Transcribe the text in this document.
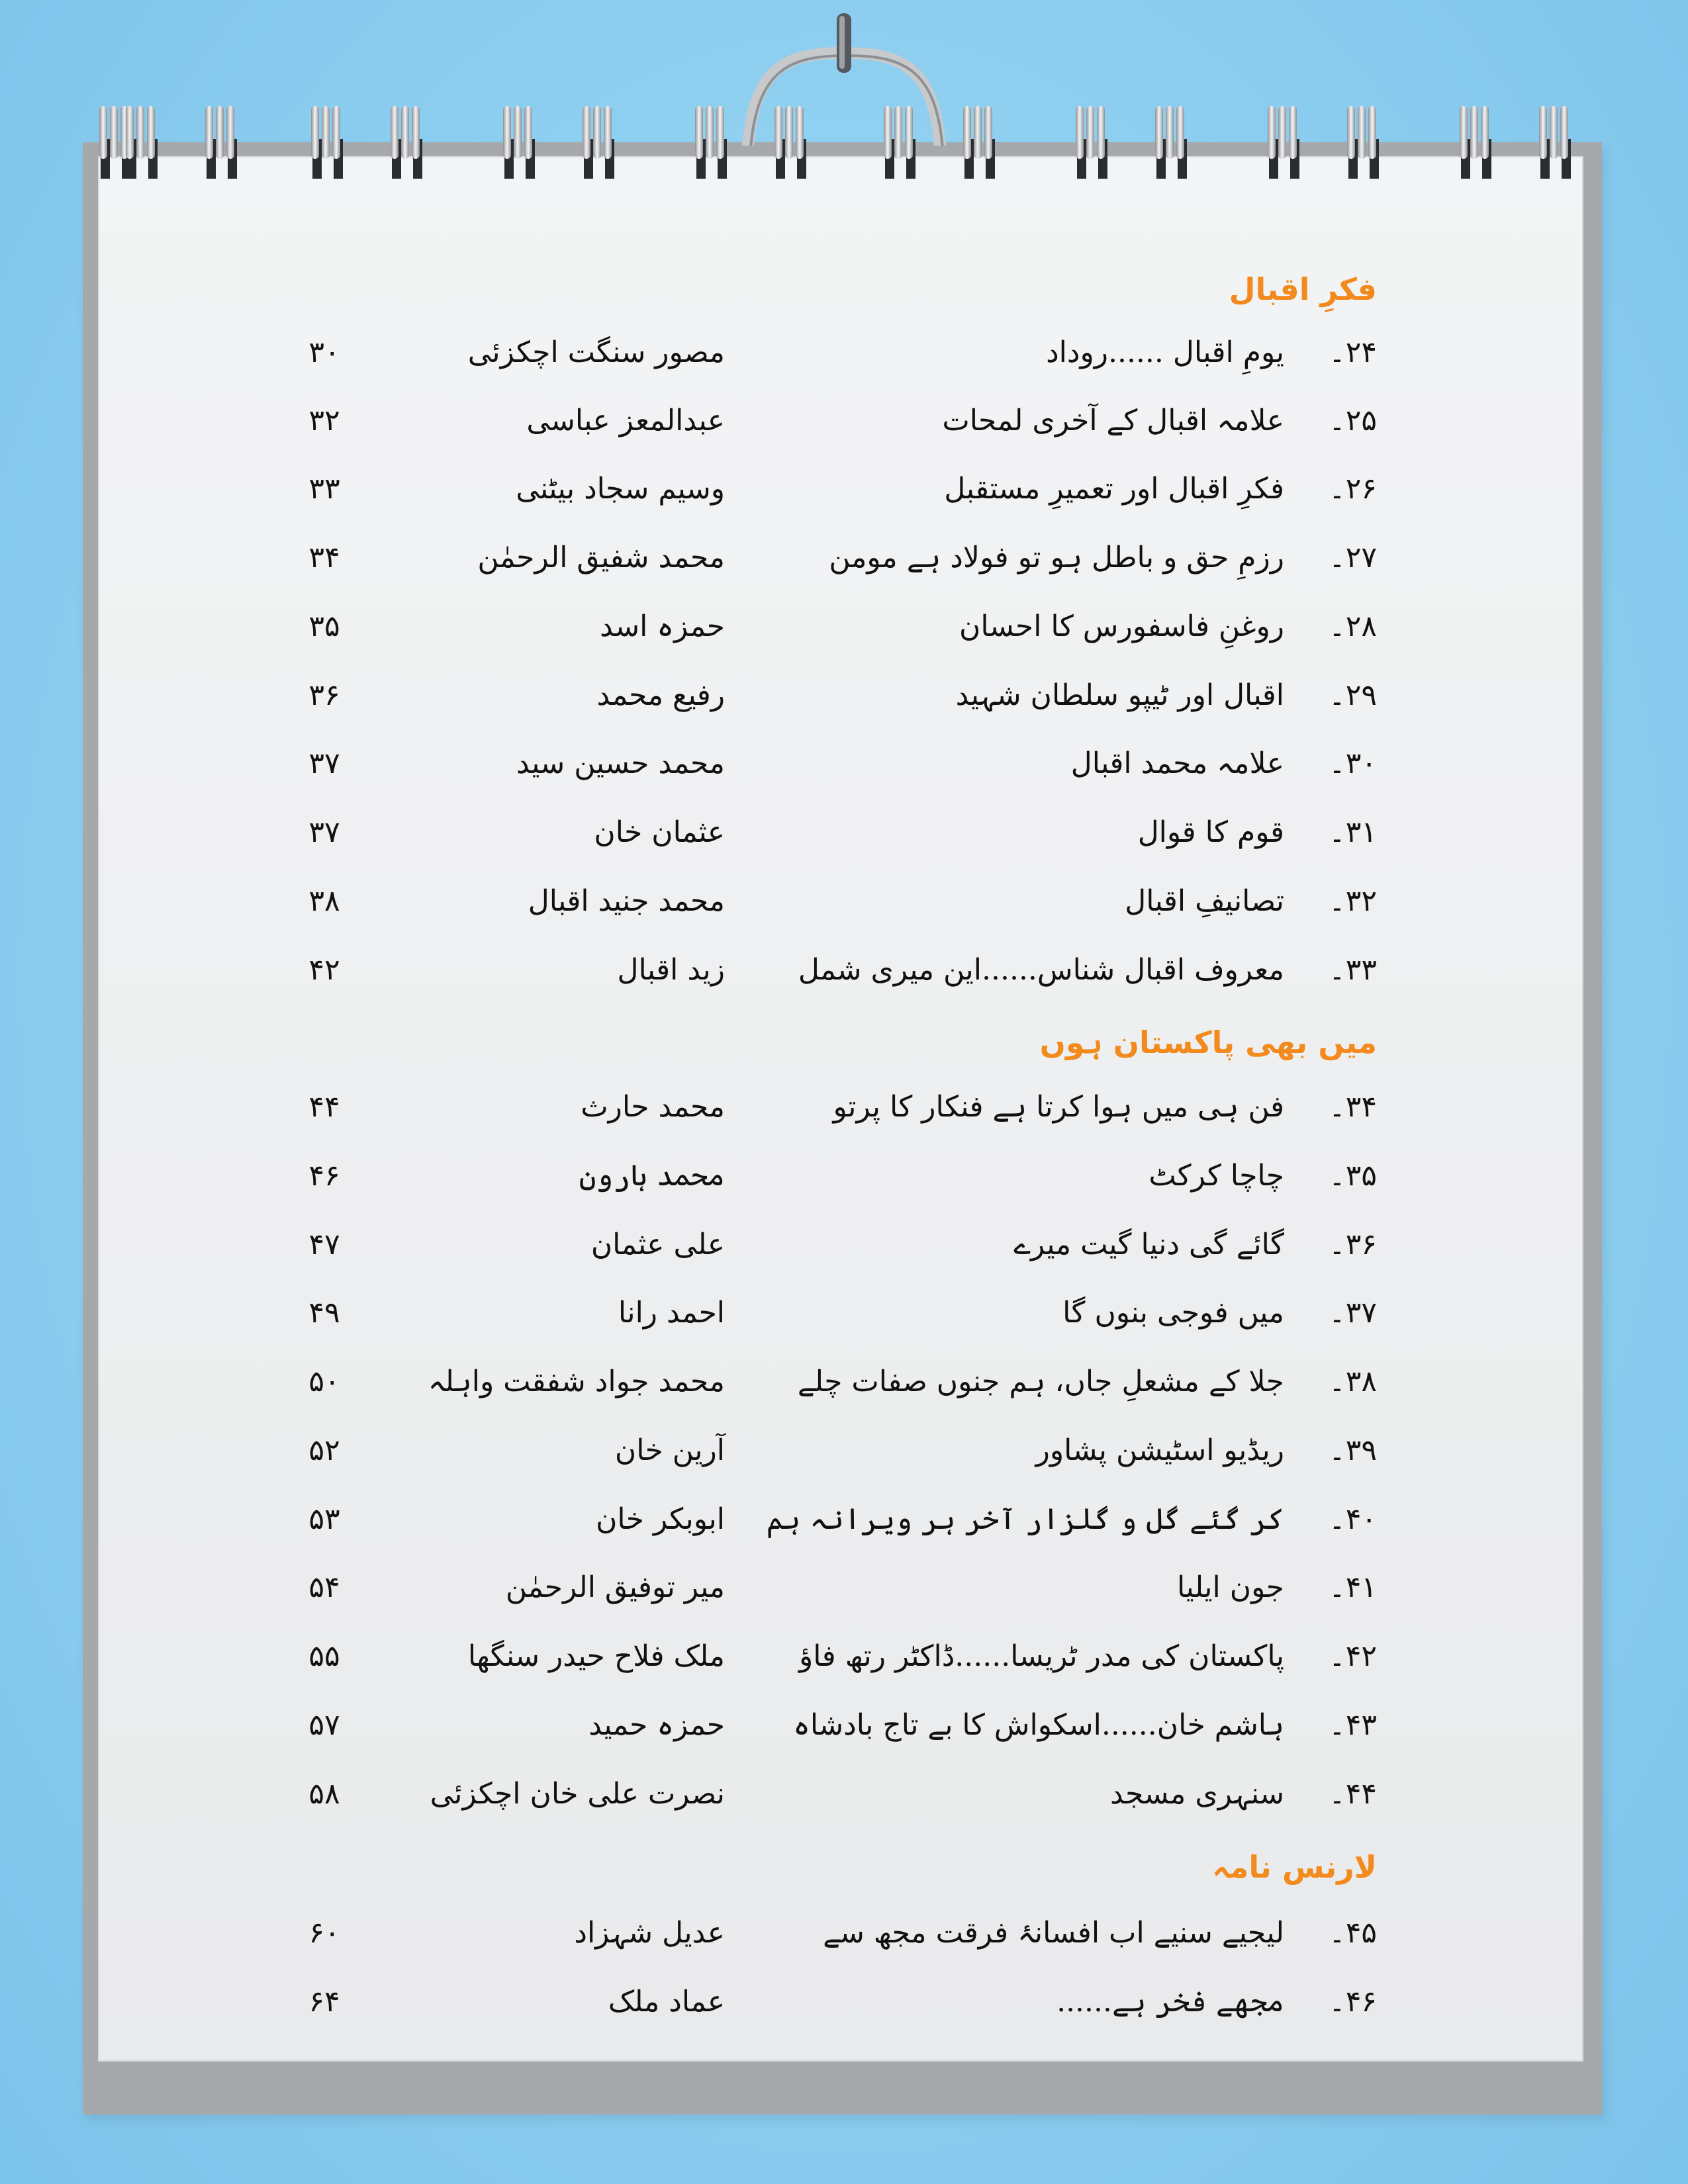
فکرِ اقبال
۲۴۔
یومِ اقبال ......روداد
مصور سنگت اچکزئی
۳۰
۲۵۔
علامہ اقبال کے آخری لمحات
عبدالمعز عباسی
۳۲
۲۶۔
فکرِ اقبال اور تعمیرِ مستقبل
وسیم سجاد بیٹنی
۳۳
۲۷۔
رزمِ حق و باطل ہو تو فولاد ہے مومن
محمد شفیق الرحمٰن
۳۴
۲۸۔
روغنِ فاسفورس کا احسان
حمزہ اسد
۳۵
۲۹۔
اقبال اور ٹیپو سلطان شہید
رفیع محمد
۳۶
۳۰۔
علامہ محمد اقبال
محمد حسین سید
۳۷
۳۱۔
قوم کا قوال
عثمان خان
۳۷
۳۲۔
تصانیفِ اقبال
محمد جنید اقبال
۳۸
۳۳۔
معروف اقبال شناس......این میری شمل
زید اقبال
۴۲
میں بھی پاکستان ہوں
۳۴۔
فن ہی میں ہوا کرتا ہے فنکار کا پرتو
محمد حارث
۴۴
۳۵۔
چاچا کرکٹ
محمد ہارون
۴۶
۳۶۔
گائے گی دنیا گیت میرے
علی عثمان
۴۷
۳۷۔
میں فوجی بنوں گا
احمد رانا
۴۹
۳۸۔
جلا کے مشعلِ جاں، ہم جنوں صفات چلے
محمد جواد شفقت واہلہ
۵۰
۳۹۔
ریڈیو اسٹیشن پشاور
آرین خان
۵۲
۴۰۔
کر گئے گل و گلزار آخر ہر ویرانہ ہم
ابوبکر خان
۵۳
۴۱۔
جون ایلیا
میر توفیق الرحمٰن
۵۴
۴۲۔
پاکستان کی مدر ٹریسا......ڈاکٹر رتھ فاؤ
ملک فلاح حیدر سنگھا
۵۵
۴۳۔
ہاشم خان......اسکواش کا بے تاج بادشاہ
حمزہ حمید
۵۷
۴۴۔
سنہری مسجد
نصرت علی خان اچکزئی
۵۸
لارنس نامہ
۴۵۔
لیجیے سنیے اب افسانۂ فرقت مجھ سے
عدیل شہزاد
۶۰
۴۶۔
مجھے فخر ہے......
عماد ملک
۶۴
